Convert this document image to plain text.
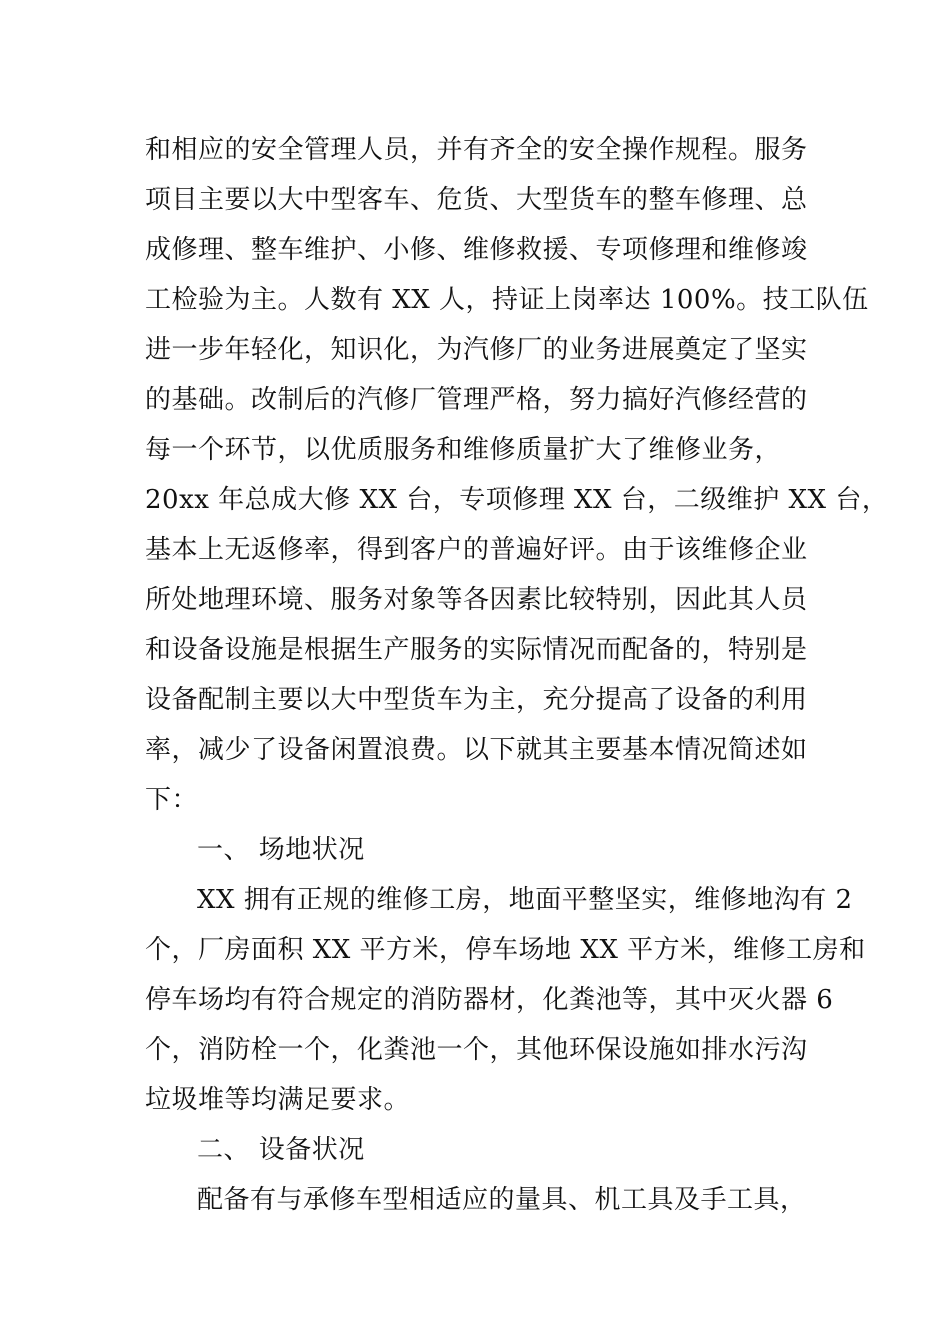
和相应的安全管理人员，并有齐全的安全操作规程。服务
项目主要以大中型客车、危货、大型货车的整车修理、总
成修理、整车维护、小修、维修救援、专项修理和维修竣
工检验为主。人数有 XX 人，持证上岗率达 100%。技工队伍
进一步年轻化，知识化，为汽修厂的业务进展奠定了坚实
的基础。改制后的汽修厂管理严格，努力搞好汽修经营的
每一个环节，以优质服务和维修质量扩大了维修业务，
20xx 年总成大修 XX 台，专项修理 XX 台，二级维护 XX 台，
基本上无返修率，得到客户的普遍好评。由于该维修企业
所处地理环境、服务对象等各因素比较特别，因此其人员
和设备设施是根据生产服务的实际情况而配备的，特别是
设备配制主要以大中型货车为主，充分提高了设备的利用
率，减少了设备闲置浪费。以下就其主要基本情况简述如
下：
一、 场地状况
XX 拥有正规的维修工房，地面平整坚实，维修地沟有 2
个，厂房面积 XX 平方米，停车场地 XX 平方米，维修工房和
停车场均有符合规定的消防器材，化粪池等，其中灭火器 6
个，消防栓一个，化粪池一个，其他环保设施如排水污沟
垃圾堆等均满足要求。
二、 设备状况
配备有与承修车型相适应的量具、机工具及手工具，
